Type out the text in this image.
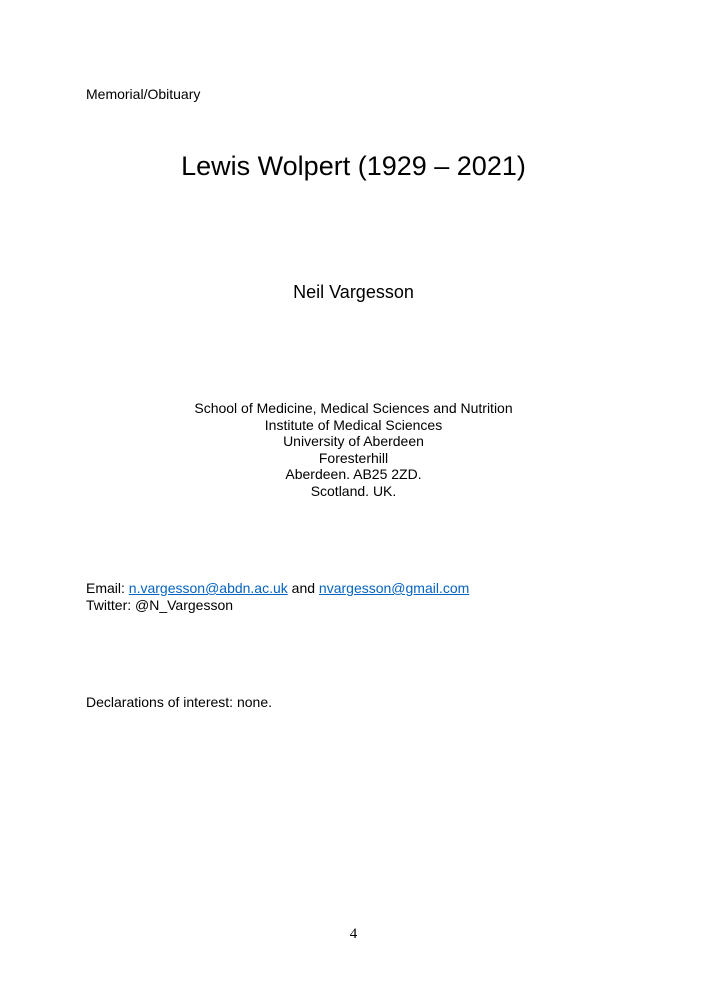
Memorial/Obituary
Lewis Wolpert (1929 – 2021)
Neil Vargesson
School of Medicine, Medical Sciences and Nutrition
Institute of Medical Sciences
University of Aberdeen
Foresterhill
Aberdeen. AB25 2ZD.
Scotland. UK.
Email: n.vargesson@abdn.ac.uk and nvargesson@gmail.com
Twitter: @N_Vargesson
Declarations of interest: none.
4
